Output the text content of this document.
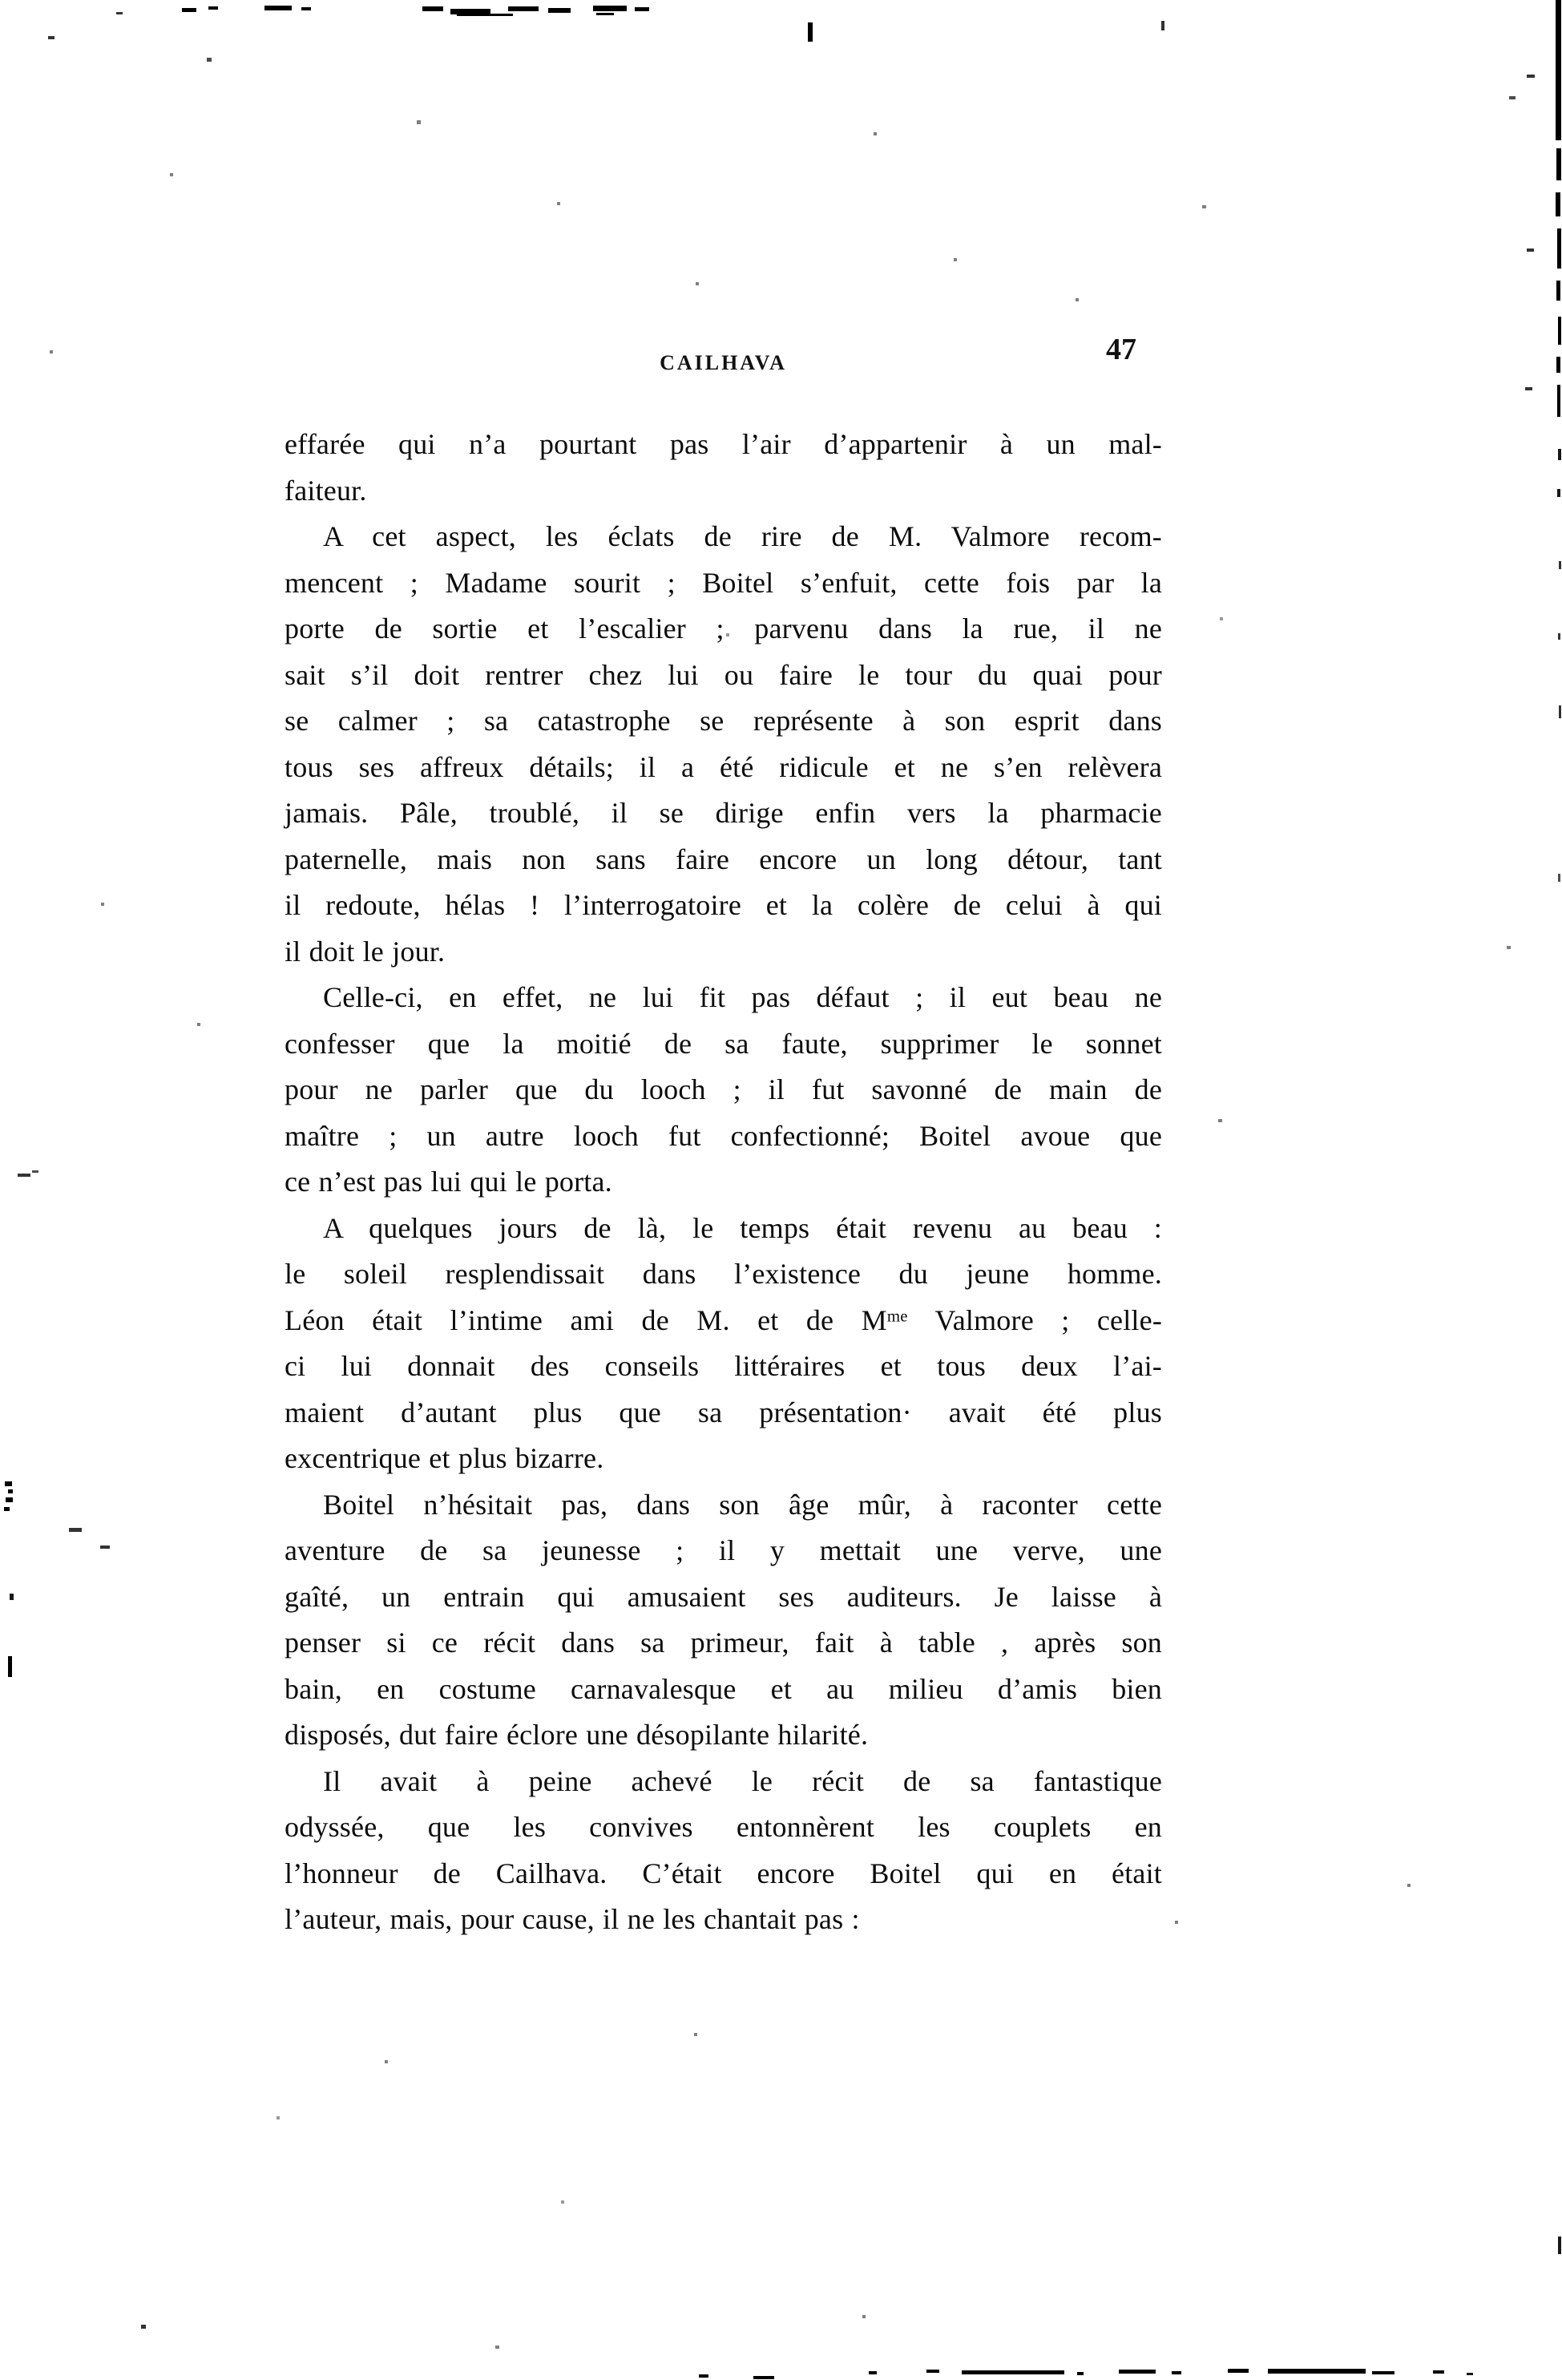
CAILHAVA	47
effarée qui n’a pourtant pas l’air d’appartenir à un mal-
faiteur.
A cet aspect, les éclats de rire de M. Valmore recom-
mencent ; Madame sourit ; Boitel s’enfuit, cette fois par la
porte de sortie et l’escalier ; parvenu dans la rue, il ne
sait s’il doit rentrer chez lui ou faire le tour du quai pour
se calmer ; sa catastrophe se représente à son esprit dans
tous ses affreux détails; il a été ridicule et ne s’en relèvera
jamais. Pâle, troublé, il se dirige enfin vers la pharmacie
paternelle, mais non sans faire encore un long détour, tant
il redoute, hélas ! l’interrogatoire et la colère de celui à qui
il doit le jour.
Celle-ci, en effet, ne lui fit pas défaut ; il eut beau ne
confesser que la moitié de sa faute, supprimer le sonnet
pour ne parler que du looch ; il fut savonné de main de
maître ; un autre looch fut confectionné; Boitel avoue que
ce n’est pas lui qui le porta.
A quelques jours de là, le temps était revenu au beau :
le soleil resplendissait dans l’existence du jeune homme.
Léon était l’intime ami de M. et de $M^{me}$ Valmore ; celle-
ci lui donnait des conseils littéraires et tous deux l’ai-
maient d’autant plus que sa présentation· avait été plus
excentrique et plus bizarre.
Boitel n’hésitait pas, dans son âge mûr, à raconter cette
aventure de sa jeunesse ; il y mettait une verve, une
gaîté, un entrain qui amusaient ses auditeurs. Je laisse à
penser si ce récit dans sa primeur, fait à table , après son
bain, en costume carnavalesque et au milieu d’amis bien
disposés, dut faire éclore une désopilante hilarité.
Il avait à peine achevé le récit de sa fantastique
odyssée, que les convives entonnèrent les couplets en
l’honneur de Cailhava. C’était encore Boitel qui en était
l’auteur, mais, pour cause, il ne les chantait pas :
